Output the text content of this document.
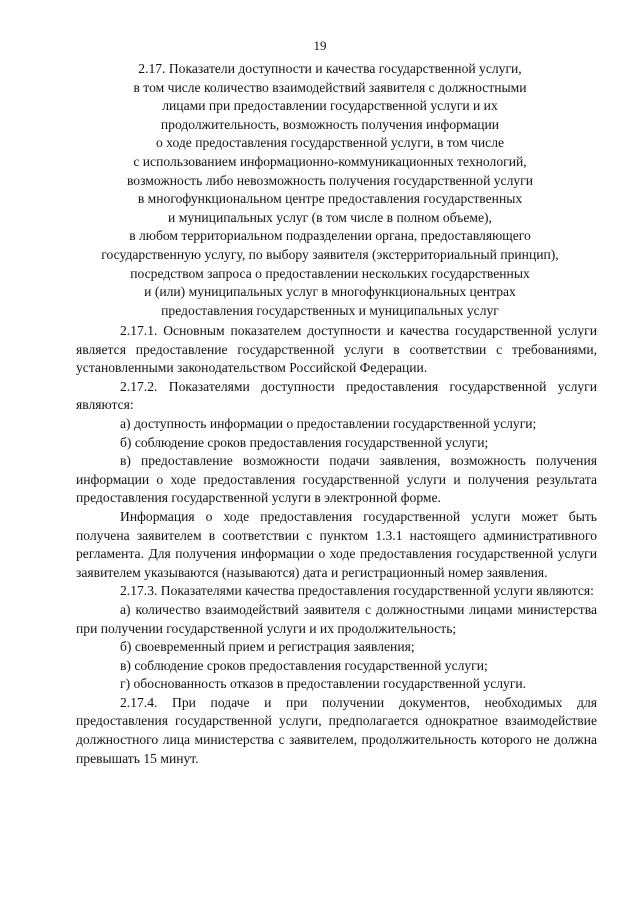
19
2.17. Показатели доступности и качества государственной услуги,
в том числе количество взаимодействий заявителя с должностными
лицами при предоставлении государственной услуги и их
продолжительность, возможность получения информации
о ходе предоставления государственной услуги, в том числе
с использованием информационно-коммуникационных технологий,
возможность либо невозможность получения государственной услуги
в многофункциональном центре предоставления государственных
и муниципальных услуг (в том числе в полном объеме),
в любом территориальном подразделении органа, предоставляющего
государственную услугу, по выбору заявителя (экстерриториальный принцип),
посредством запроса о предоставлении нескольких государственных
и (или) муниципальных услуг в многофункциональных центрах
предоставления государственных и муниципальных услуг

2.17.1. Основным показателем доступности и качества государственной услуги является предоставление государственной услуги в соответствии с требованиями, установленными законодательством Российской Федерации.

2.17.2. Показателями доступности предоставления государственной услуги являются:

а) доступность информации о предоставлении государственной услуги;

б) соблюдение сроков предоставления государственной услуги;

в) предоставление возможности подачи заявления, возможность получения информации о ходе предоставления государственной услуги и получения результата предоставления государственной услуги в электронной форме.

Информация о ходе предоставления государственной услуги может быть получена заявителем в соответствии с пунктом 1.3.1 настоящего административного регламента. Для получения информации о ходе предоставления государственной услуги заявителем указываются (называются) дата и регистрационный номер заявления.

2.17.3. Показателями качества предоставления государственной услуги являются:

а) количество взаимодействий заявителя с должностными лицами министерства при получении государственной услуги и их продолжительность;

б) своевременный прием и регистрация заявления;

в) соблюдение сроков предоставления государственной услуги;

г) обоснованность отказов в предоставлении государственной услуги.

2.17.4. При подаче и при получении документов, необходимых для предоставления государственной услуги, предполагается однократное взаимодействие должностного лица министерства с заявителем, продолжительность которого не должна превышать 15 минут.
